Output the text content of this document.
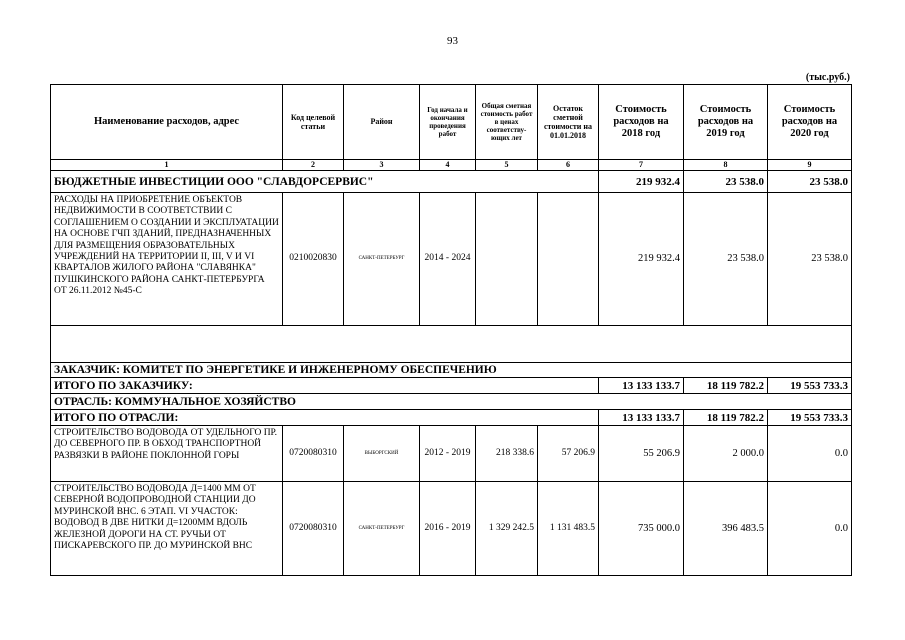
93
(тыс.руб.)
Наименование расходов, адрес	Код целевой статьи	Район	Год начала и окончания проведения работ	Общая сметная стоимость работ в ценах соответству-ющих лет	Остаток сметной стоимости на 01.01.2018	Стоимость расходов на 2018 год	Стоимость расходов на 2019 год	Стоимость расходов на 2020 год
1	2	3	4	5	6	7	8	9
БЮДЖЕТНЫЕ ИНВЕСТИЦИИ ООО "СЛАВДОРСЕРВИС"						219 932.4	23 538.0	23 538.0
РАСХОДЫ НА ПРИОБРЕТЕНИЕ ОБЪЕКТОВ НЕДВИЖИМОСТИ В СООТВЕТСТВИИ С СОГЛАШЕНИЕМ О СОЗДАНИИ И ЭКСПЛУАТАЦИИ НА ОСНОВЕ ГЧП ЗДАНИЙ, ПРЕДНАЗНАЧЕННЫХ ДЛЯ РАЗМЕЩЕНИЯ ОБРАЗОВАТЕЛЬНЫХ УЧРЕЖДЕНИЙ НА ТЕРРИТОРИИ II, III, V И VI КВАРТАЛОВ ЖИЛОГО РАЙОНА "СЛАВЯНКА" ПУШКИНСКОГО РАЙОНА САНКТ-ПЕТЕРБУРГА ОТ 26.11.2012 №45-С	0210020830	САНКТ-ПЕТЕРБУРГ	2014 - 2024			219 932.4	23 538.0	23 538.0

ЗАКАЗЧИК: КОМИТЕТ ПО ЭНЕРГЕТИКЕ И ИНЖЕНЕРНОМУ ОБЕСПЕЧЕНИЮ								
ИТОГО ПО ЗАКАЗЧИКУ:						13 133 133.7	18 119 782.2	19 553 733.3
ОТРАСЛЬ: КОММУНАЛЬНОЕ ХОЗЯЙСТВО								
ИТОГО ПО ОТРАСЛИ:						13 133 133.7	18 119 782.2	19 553 733.3
СТРОИТЕЛЬСТВО ВОДОВОДА ОТ УДЕЛЬНОГО ПР. ДО СЕВЕРНОГО ПР. В ОБХОД ТРАНСПОРТНОЙ РАЗВЯЗКИ В РАЙОНЕ ПОКЛОННОЙ ГОРЫ	0720080310	ВЫБОРГСКИЙ	2012 - 2019	218 338.6	57 206.9	55 206.9	2 000.0	0.0
СТРОИТЕЛЬСТВО ВОДОВОДА Д=1400 ММ ОТ СЕВЕРНОЙ ВОДОПРОВОДНОЙ СТАНЦИИ ДО МУРИНСКОЙ ВНС. 6 ЭТАП. VI УЧАСТОК: ВОДОВОД В ДВЕ НИТКИ Д=1200ММ ВДОЛЬ ЖЕЛЕЗНОЙ ДОРОГИ НА СТ. РУЧЬИ ОТ ПИСКАРЕВСКОГО ПР. ДО МУРИНСКОЙ ВНС	0720080310	САНКТ-ПЕТЕРБУРГ	2016 - 2019	1 329 242.5	1 131 483.5	735 000.0	396 483.5	0.0
